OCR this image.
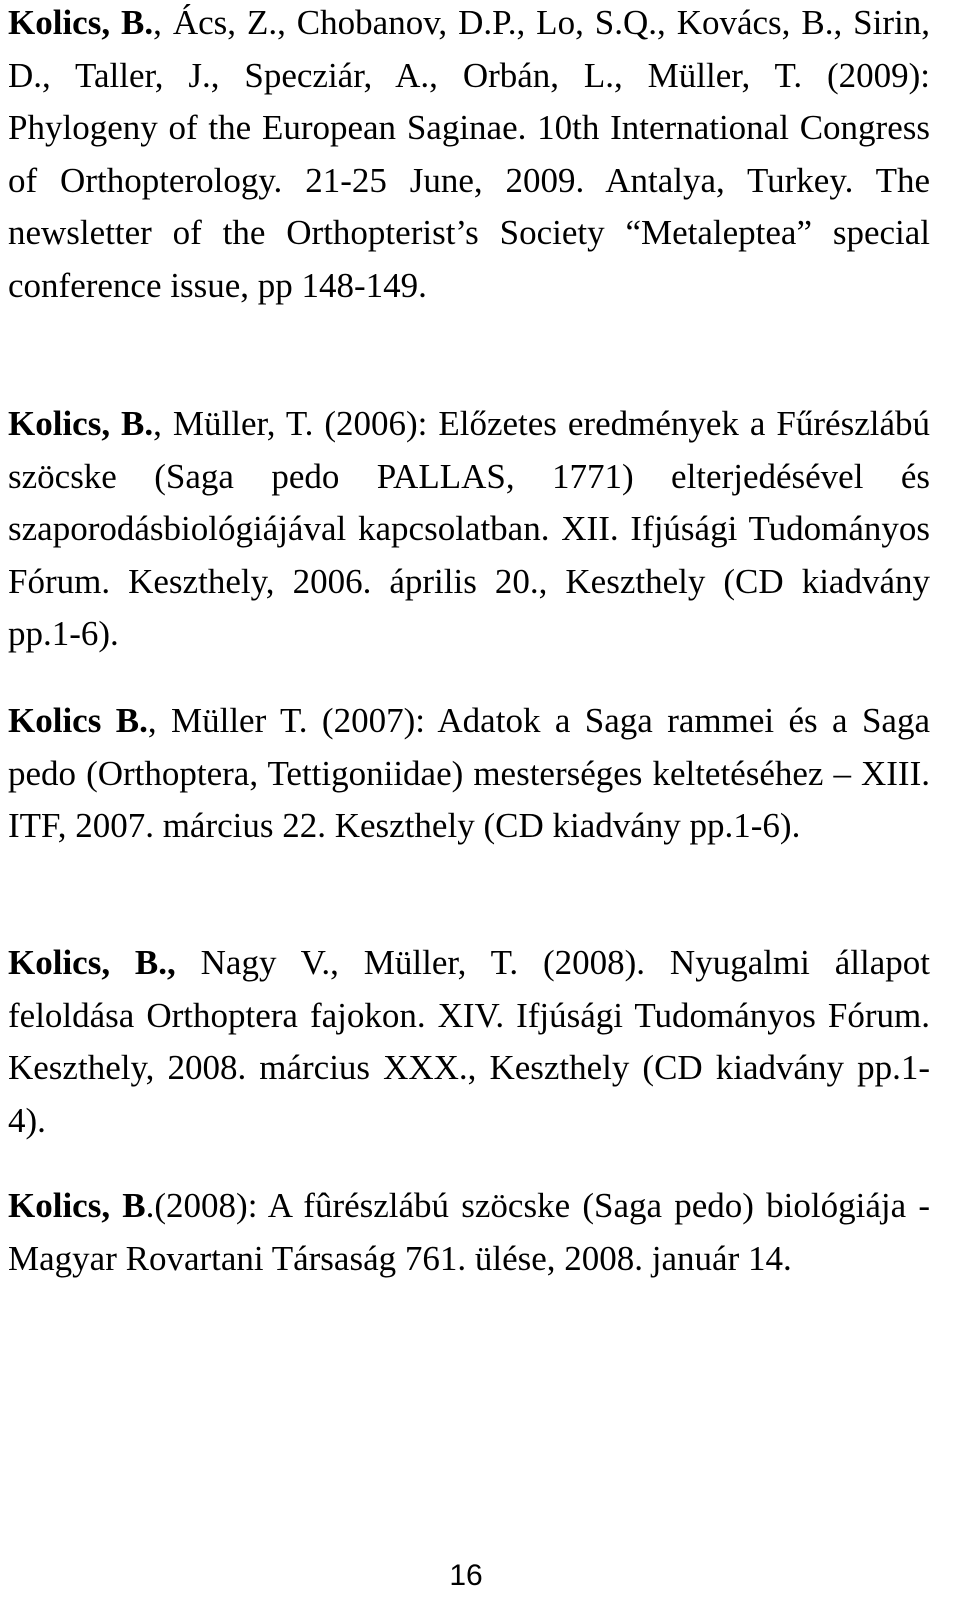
Kolics, B., Ács, Z., Chobanov, D.P., Lo, S.Q., Kovács, B., Sirin, D., Taller, J., Specziár, A., Orbán, L., Müller, T. (2009): Phylogeny of the European Saginae. 10th International Congress of Orthopterology. 21-25 June, 2009. Antalya, Turkey. The newsletter of the Orthopterist’s Society “Metaleptea” special conference issue, pp 148-149.

Kolics, B., Müller, T. (2006): Előzetes eredmények a Fűrészlábú szöcske (Saga pedo PALLAS, 1771) elterjedésével és szaporodásbiológiájával kapcsolatban. XII. Ifjúsági Tudományos Fórum. Keszthely, 2006. április 20., Keszthely (CD kiadvány pp.1-6).

Kolics B., Müller T. (2007): Adatok a Saga rammei és a Saga pedo (Orthoptera, Tettigoniidae) mesterséges keltetéséhez – XIII. ITF, 2007. március 22. Keszthely (CD kiadvány pp.1-6).

Kolics, B., Nagy V., Müller, T. (2008). Nyugalmi állapot feloldása Orthoptera fajokon. XIV. Ifjúsági Tudományos Fórum. Keszthely, 2008. március XXX., Keszthely (CD kiadvány pp.1-4).

Kolics, B.(2008): A fûrészlábú szöcske (Saga pedo) biológiája - Magyar Rovartani Társaság 761. ülése, 2008. január 14.

16
